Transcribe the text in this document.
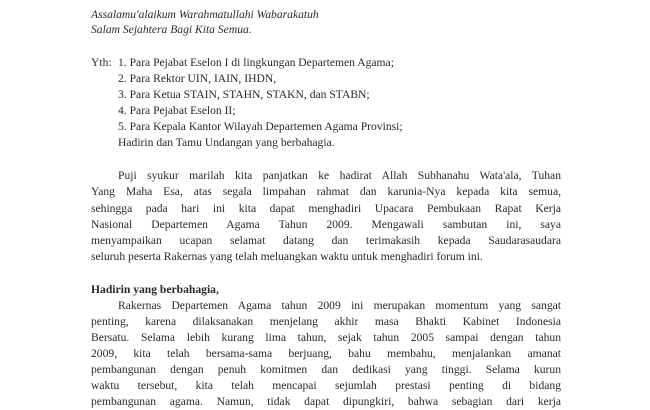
Assalamu'alaikum Warahmatullahi Wabarakatuh
Salam Sejahtera Bagi Kita Semua.
Yth: 1. Para Pejabat Eselon I di lingkungan Departemen Agama;
2. Para Rektor UIN, IAIN, IHDN,
3. Para Ketua STAIN, STAHN, STAKN, dan STABN;
4. Para Pejabat Eselon II;
5. Para Kepala Kantor Wilayah Departemen Agama Provinsi;
Hadirin dan Tamu Undangan yang berbahagia.
Puji syukur marilah kita panjatkan ke hadirat Allah Subhanahu Wata'ala, Tuhan
Yang Maha Esa, atas segala limpahan rahmat dan karunia-Nya kepada kita semua,
sehingga pada hari ini kita dapat menghadiri Upacara Pembukaan Rapat Kerja
Nasional Departemen Agama Tahun 2009. Mengawali sambutan ini, saya
menyampaikan ucapan selamat datang dan terimakasih kepada Saudarasaudara
seluruh peserta Rakernas yang telah meluangkan waktu untuk menghadiri forum ini.
Hadirin yang berbahagia,
Rakernas Departemen Agama tahun 2009 ini merupakan momentum yang sangat
penting, karena dilaksanakan menjelang akhir masa Bhakti Kabinet Indonesia
Bersatu. Selama lebih kurang lima tahun, sejak tahun 2005 sampai dengan tahun
2009, kita telah bersama-sama berjuang, bahu membahu, menjalankan amanat
pembangunan dengan penuh komitmen dan dedikasi yang tinggi. Selama kurun
waktu tersebut, kita telah mencapai sejumlah prestasi penting di bidang
pembangunan agama. Namun, tidak dapat dipungkiri, bahwa sebagian dari kerja
